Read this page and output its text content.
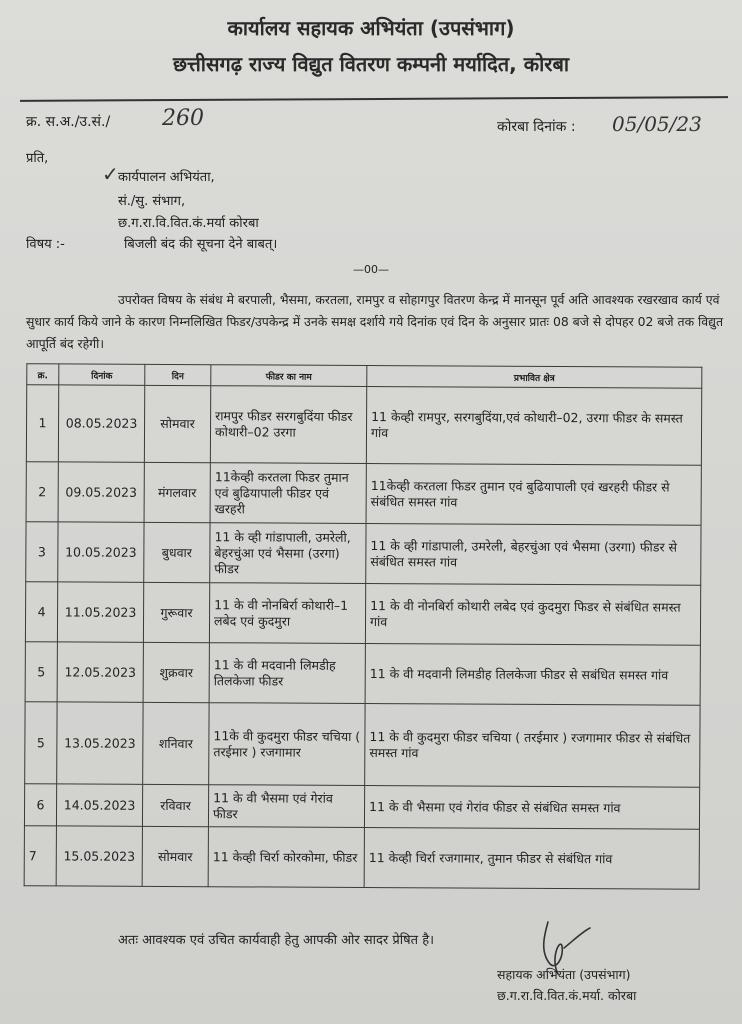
कार्यालय सहायक अभियंता (उपसंभाग)
छत्तीसगढ़ राज्य विद्युत वितरण कम्पनी मर्यादित, कोरबा
क्र. स.अ./उ.सं./ 260	कोरबा दिनांक : 05/05/23
प्रति,
✓ कार्यपालन अभियंता,
सं./सु. संभाग,
छ.ग.रा.वि.वित.कं.मर्या कोरबा
विषय :-	बिजली बंद की सूचना देने बाबत्।
—00—
उपरोक्त विषय के संबंध मे बरपाली, भैसमा, करतला, रामपुर व सोहागपुर वितरण केन्द्र में मानसून पूर्व अति आवश्यक रखरखाव कार्य एवं सुधार कार्य किये जाने के कारण निम्नलिखित फिडर/उपकेन्द्र में उनके समक्ष दर्शाये गये दिनांक एवं दिन के अनुसार प्रातः 08 बजे से दोपहर 02 बजे तक विद्युत आपूर्ति बंद रहेगी।
क्र.	दिनांक	दिन	फीडर का नाम	प्रभावित क्षेत्र
1	08.05.2023	सोमवार	रामपुर फीडर सरगबुदिंया फीडर कोथारी–02 उरगा	11 केव्ही रामपुर, सरगबुदिंया,एवं कोथारी–02, उरगा फीडर के समस्त गांव
2	09.05.2023	मंगलवार	11केव्ही करतला फिडर तुमान एवं बुढियापाली फीडर एवं खरहरी	11केव्ही करतला फिडर तुमान एवं बुढियापाली एवं खरहरी फीडर से संबंधित समस्त गांव
3	10.05.2023	बुधवार	11 के व्ही गांडापाली, उमरेली, बेहरचुंआ एवं भैसमा (उरगा) फीडर	11 के व्ही गांडापाली, उमरेली, बेहरचुंआ एवं भैसमा (उरगा) फीडर से संबंधित समस्त गांव
4	11.05.2023	गुरूवार	11 के वी नोनबिर्रा कोथारी–1 लबेद एवं कुदमुरा	11 के वी नोनबिर्रा कोथारी लबेद एवं कुदमुरा फिडर से संबंधित समस्त गांव
5	12.05.2023	शुक्रवार	11 के वी मदवानी लिमडीह तिलकेजा फीडर	11 के वी मदवानी लिमडीह तिलकेजा फीडर से सबंधित समस्त गांव
5	13.05.2023	शनिवार	11के वी कुदमुरा फीडर चचिया ( तरईमार ) रजगामार	11 के वी कुदमुरा फीडर चचिया ( तरईमार ) रजगामार फीडर से संबंधित समस्त गांव
6	14.05.2023	रविवार	11 के वी भैसमा एवं गेरांव फीडर	11 के वी भैसमा एवं गेरांव फीडर से संबंधित समस्त गांव
7	15.05.2023	सोमवार	11 केव्ही चिर्रा कोरकोमा, फीडर	11 केव्ही चिर्रा रजगामार, तुमान फीडर से संबंधित गांव
अतः आवश्यक एवं उचित कार्यवाही हेतु आपकी ओर सादर प्रेषित है।
सहायक अभियंता (उपसंभाग)
छ.ग.रा.वि.वित.कं.मर्या. कोरबा
